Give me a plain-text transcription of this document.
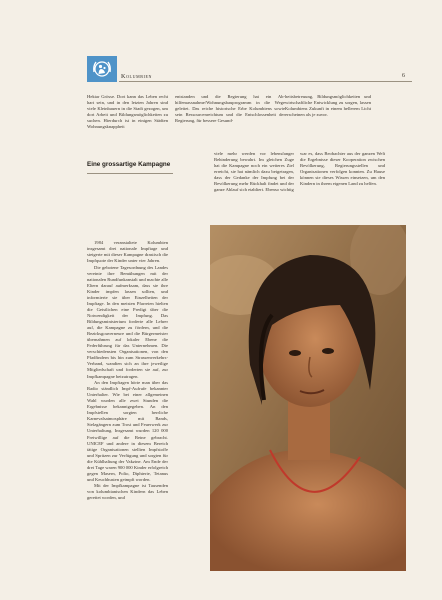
Kolumbien	6

Hektar Grösse. Dort kann das Leben recht hart sein, und in den letzten Jahren sind viele Kleinbauern in die Stadt gezogen, um dort Arbeit und Bildungsmöglichkeiten zu suchen. Hierdurch ist in einigen Städten Wohnungsknappheit

entstanden und die Regierung hat ein Ab- hilfemassnahme/Wohnungsbauprogramm in die Wege geleitet. Das reiche historische Erbe Kolumbiens sowie sein Ressourcenreichtum und die Entschlossenheit der Regierung, für bessere Gesund-

heitsbetreuung, Bildungsmöglichkeiten und wirtschaftliche Entwicklung zu sorgen, lassen Kolumbiens Zukunft in einem hellerem Licht erscheinen als je zuvor.

Eine grossartige Kampagne

viele mehr werden vor lebensfanger Behinderung bewahrt. Im gleichen Zuge hat die Kampagne noch ein weiteres Ziel erreicht, sie hat nämlich dazu beigetragen, dass der Gedanke der Impfung bei der Bevölkerung mehr Rückhalt findet und der ganze Ablauf sich etabliert. Ebenso wichtig

war es, dass Beobachter aus der ganzen Welt die Ergebnisse dieser Kooperation zwischen Bevölkerung, Regierungsstellen und Organisationen verfolgen konnten. Zu Hause können sie dieses Wissen einsetzen, um den Kindern in ihrem eigenen Land zu helfen.

1984 veranstaltete Kolumbien insgesamt drei nationale Impftage und steigerte mit dieser Kampagne drastisch die Impfquote der Kinder unter vier Jahren.

Die gebotene Tagesordnung des Landes vereinte ihre Bemühungen mit der nationalen Rundfunkanstalt und machte alle Eltern darauf aufmerksam, dass sie ihre Kinder impfen lassen sollten, und informierte sie über Einzelheiten der Impftage. In den meisten Pfarreien hielten die Geistlichen eine Predigt über die Notwendigkeit der Impfung. Das Bildungsministerium forderte alle Lehrer auf, die Kampagne zu fördern, und die Bezirksgouverneure und die Bürgermeister übernahmen auf lokaler Ebene die Federführung für das Unternehmen. Die verschiedensten Organisationen, von den Pfadfindern bis hin zum Strassenverkehrs-Verband, wandten sich an ihre jeweilige Mitgliedschaft und forderten sie auf, zur Impfkampagne beizutragen.

An den Impftagen hörte man über das Radio ständlich Impf-Aufrufe bekannter Unterhalter. Wie bei einer allgemeinen Wahl wurden alle zwei Stunden die Ergebnisse bekanntgegeben. An den Impfstellen sorgten herrliche Karnevalsatmosphäre mit Bands, Stelzgängern zum Trost und Feuerwerk zur Unterhaltung. Insgesamt wurden 120 000 Freiwillige auf die Beine gebracht. UNICEF und andere in diesem Bereich tätige Organisationen stellten Impfstoffe und Spritzen zur Verfügung und sorgten für die Kühlhaltung der Vakzine. Am Ende der drei Tage waren 900 000 Kinder erfolgreich gegen Masern, Polio, Diphterie, Tetanus und Keuchhusten geimpft worden.

Mit der Impfkampagne ist Tausenden von kolumbianischen Kindern das Leben gerettet worden, und
